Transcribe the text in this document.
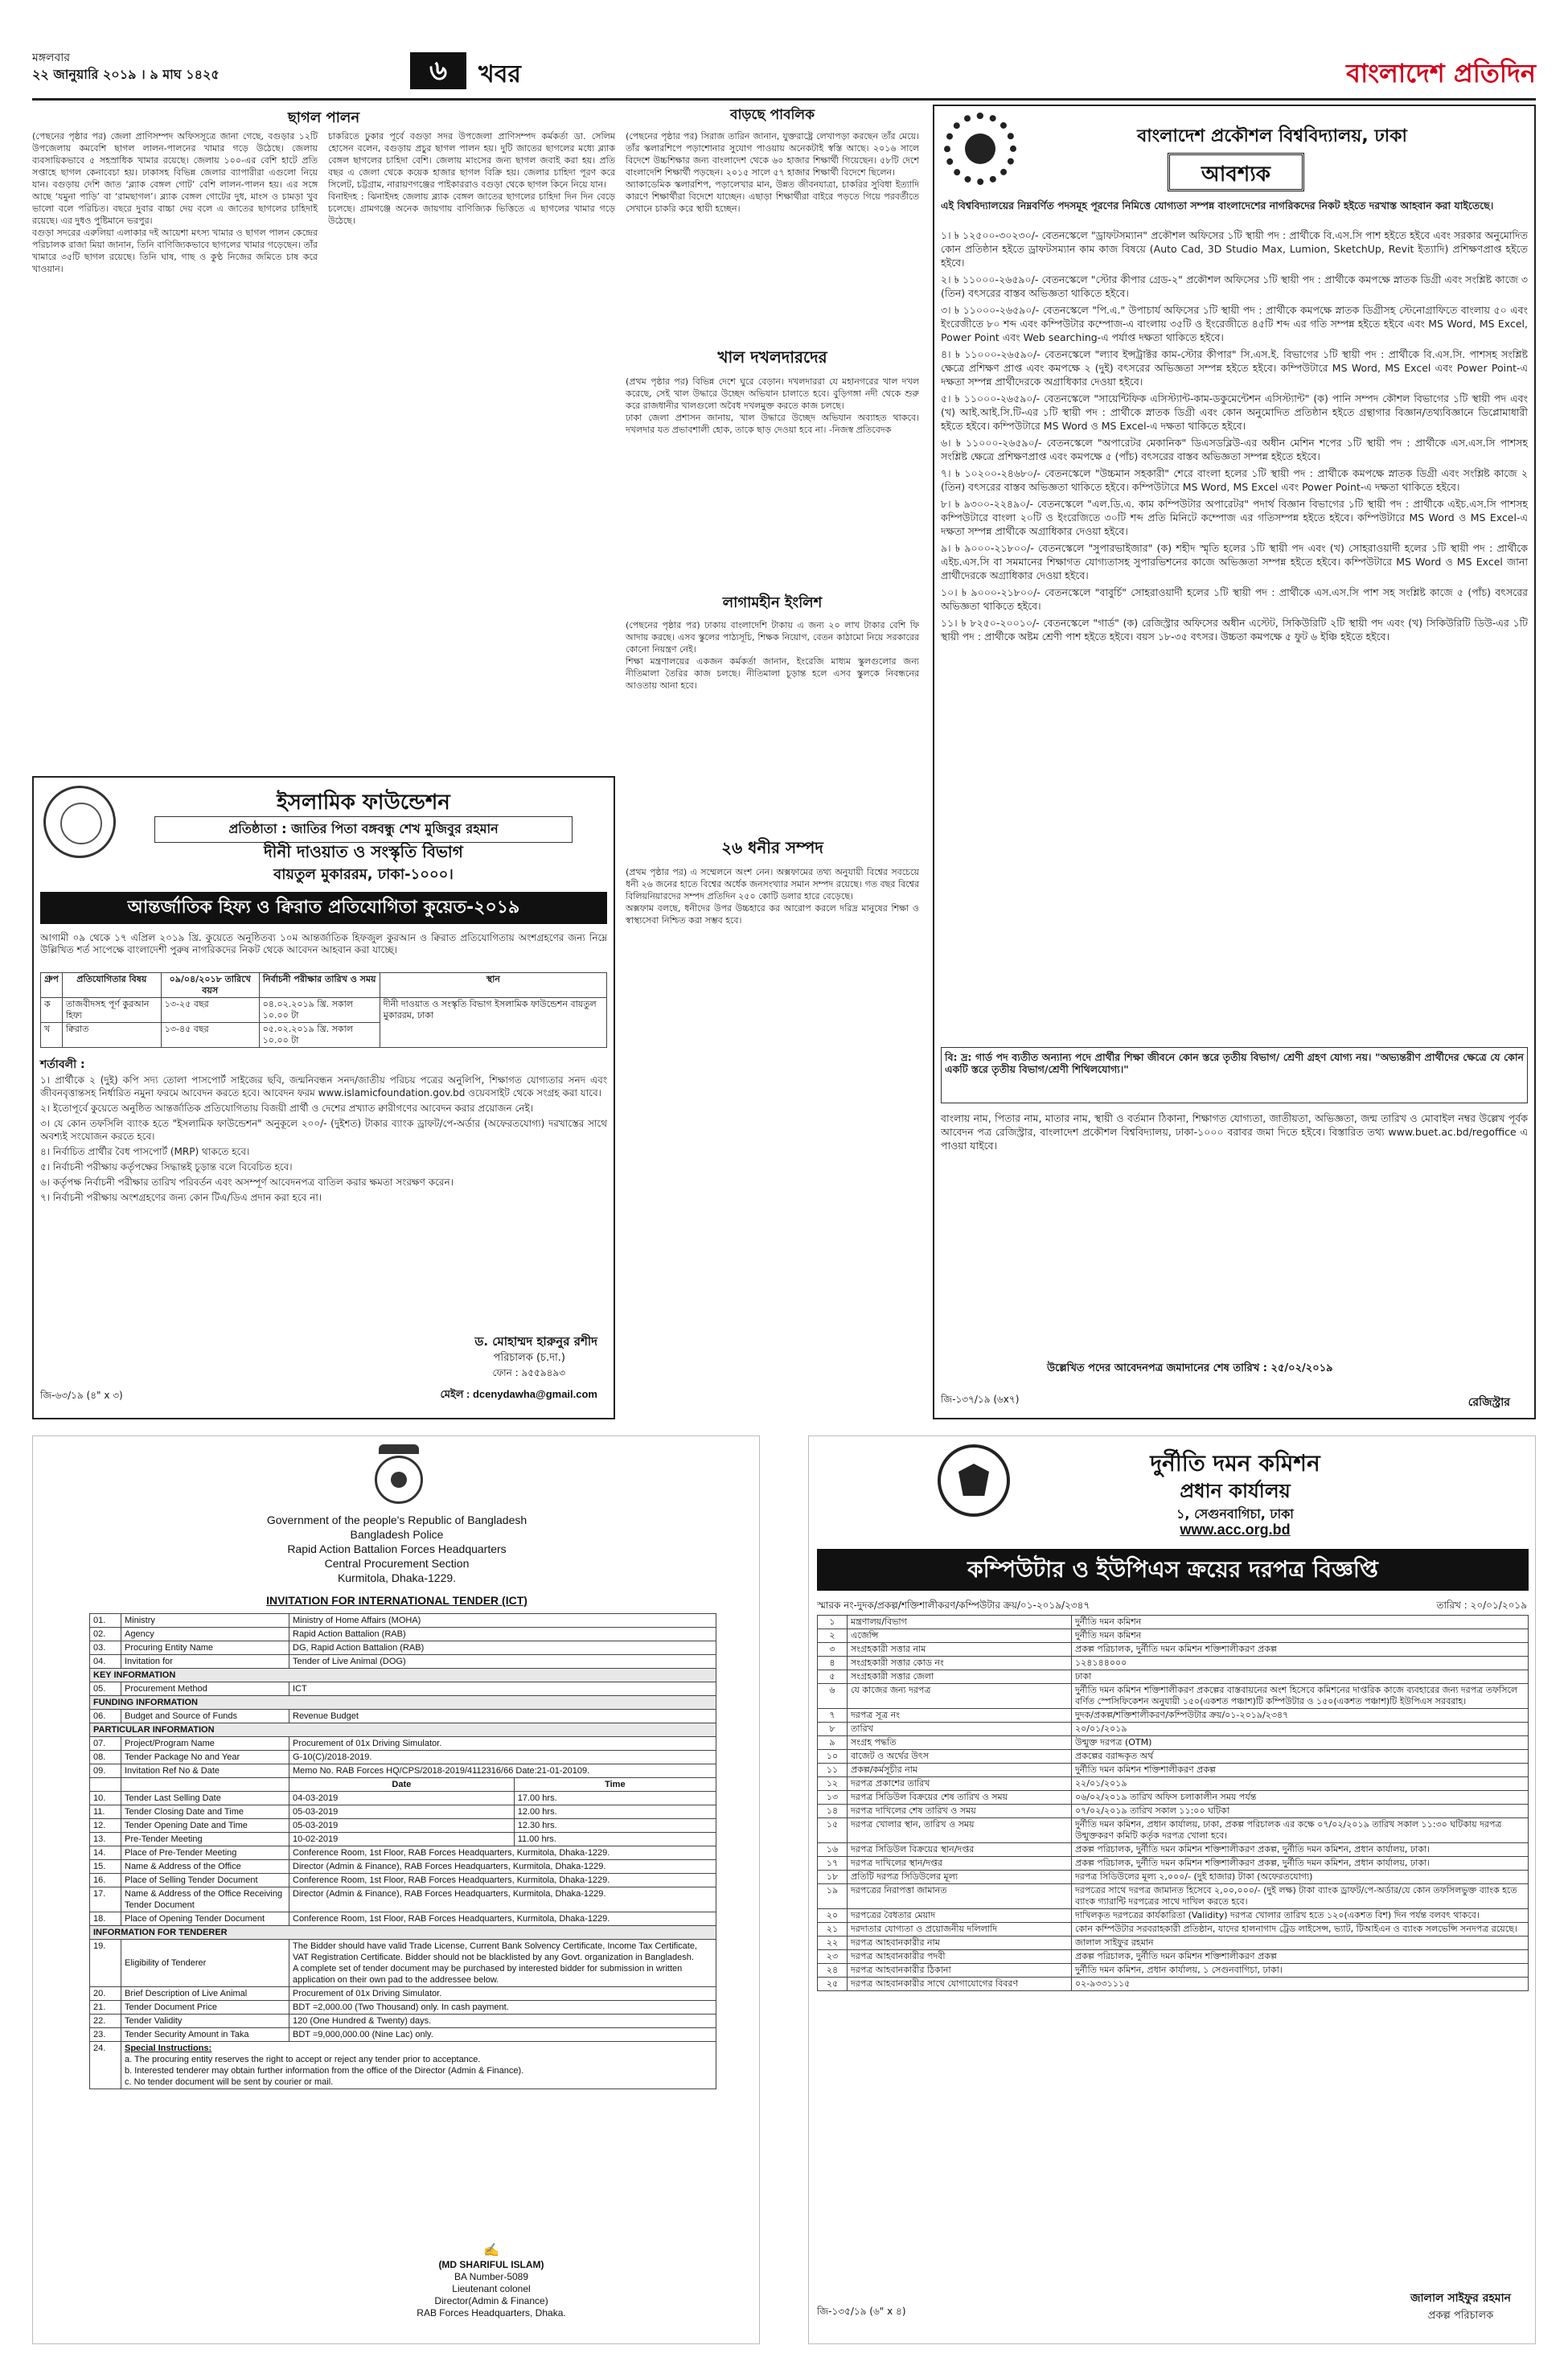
মঙ্গলবার
২২ জানুয়ারি ২০১৯ । ৯ মাঘ ১৪২৫	৬	খবর	বাংলাদেশ প্রতিদিন
ছাগল পালন
(পেছনের পৃষ্ঠার পর) জেলা প্রাণিসম্পদ অফিসসূত্রে জানা গেছে, বগুড়ার ১২টি উপজেলায় কমবেশি ছাগল লালন-পালনের খামার গড়ে উঠেছে। জেলায় ব্যবসায়িকভাবে ৫ সহস্রাধিক খামার রয়েছে। জেলায় ১০০-এর বেশি হাটে প্রতি সপ্তাহে ছাগল কেনাবেচা হয়। ঢাকাসহ বিভিন্ন জেলার ব্যাপারীরা এগুলো নিয়ে যান। বগুড়ায় দেশি জাত ‘ব্ল্যাক বেঙ্গল গোট’ বেশি লালন-পালন হয়। এর সঙ্গে আছে ‘যমুনা পাড়ি’ বা ‘রামছাগল’। ব্ল্যাক বেঙ্গল গোটের দুধ, মাংস ও চামড়া খুব ভালো বলে পরিচিত। বছরে দুবার বাচ্চা দেয় বলে এ জাতের ছাগলের চাহিদাই রয়েছে। এর দুধও পুষ্টিমানে ভরপুর।
বগুড়া সদরের এরুলিয়া এলাকার দই আয়েশা মৎস্য খামার ও ছাগল পালন কেন্দ্রের পরিচালক রাজা মিয়া জানান, তিনি বাণিজ্যিকভাবে ছাগলের খামার গড়েছেন। তাঁর খামারে ৩৫টি ছাগল রয়েছে। তিনি ঘাষ, গাছ ও কুণ্ঠ নিজের জমিতে চাষ করে খাওয়ান।
চাকরিতে ঢুকার পূর্বে বগুড়া সদর উপজেলা প্রাণিসম্পদ কর্মকর্তা ডা. সেলিম হোসেন বলেন, বগুড়ায় প্রচুর ছাগল পালন হয়। দুটি জাতের ছাগলের মধ্যে ব্ল্যাক বেঙ্গল ছাগলের চাহিদা বেশি। জেলায় মাংসের জন্য ছাগল জবাই করা হয়। প্রতি বছর এ জেলা থেকে কয়েক হাজার ছাগল বিক্রি হয়। জেলার চাহিদা পূরণ করে সিলেট, চট্টগ্রাম, নারায়ণগঞ্জের পাইকাররাও বগুড়া থেকে ছাগল কিনে নিয়ে যান।
বিনাইদহ : ঝিনাইদহ জেলায় ব্ল্যাক বেঙ্গল জাতের ছাগলের চাহিদা দিন দিন বেড়ে চলেছে। গ্রামগঞ্জে অনেক জায়গায় বাণিজ্যিক ভিত্তিতে এ ছাগলের খামার গড়ে উঠেছে।
বাড়ছে পাবলিক
(পেছনের পৃষ্ঠার পর) সিরাজ তারিন জানান, যুক্তরাষ্ট্রে লেখাপড়া করছেন তাঁর মেয়ে। তাঁর স্কলারশিপে পড়াশোনার সুযোগ পাওয়ায় অনেকটাই স্বস্তি আছে। ২০১৬ সালে বিদেশে উচ্চশিক্ষার জন্য বাংলাদেশ থেকে ৬০ হাজার শিক্ষার্থী গিয়েছেন। ৫৮টি দেশে বাংলাদেশি শিক্ষার্থী পড়ছেন। ২০১৫ সালে ৫৭ হাজার শিক্ষার্থী বিদেশে ছিলেন।
অ্যাকাডেমিক স্কলারশিপ, পড়ালেখার মান, উন্নত জীবনযাত্রা, চাকরির সুবিধা ইত্যাদি কারণে শিক্ষার্থীরা বিদেশে যাচ্ছেন। এছাড়া শিক্ষার্থীরা বাইরে পড়তে গিয়ে পরবর্তীতে সেখানে চাকরি করে স্থায়ী হচ্ছেন।
খাল দখলদারদের
(প্রথম পৃষ্ঠার পর) বিভিন্ন দেশে ঘুরে বেড়ান। দখলদাররা যে মহানগরের খাল দখল করেছে, সেই খাল উদ্ধারে উচ্ছেদ অভিযান চালাতে হবে। বুড়িগঙ্গা নদী থেকে শুরু করে রাজধানীর খালগুলো অবৈধ দখলমুক্ত করতে কাজ চলছে।
ঢাকা জেলা প্রশাসন জানায়, খাল উদ্ধারে উচ্ছেদ অভিযান অব্যাহত থাকবে। দখলদার যত প্রভাবশালী হোক, তাকে ছাড় দেওয়া হবে না। -নিজস্ব প্রতিবেদক
লাগামহীন ইংলিশ
(পেছনের পৃষ্ঠার পর) ঢাকায় বাংলাদেশি টাকায় এ জন্য ২০ লাখ টাকার বেশি ফি আদায় করছে। এসব স্কুলের পাঠ্যসূচি, শিক্ষক নিয়োগ, বেতন কাঠামো নিয়ে সরকারের কোনো নিয়ন্ত্রণ নেই।
শিক্ষা মন্ত্রণালয়ের একজন কর্মকর্তা জানান, ইংরেজি মাধ্যম স্কুলগুলোর জন্য নীতিমালা তৈরির কাজ চলছে। নীতিমালা চূড়ান্ত হলে এসব স্কুলকে নিবন্ধনের আওতায় আনা হবে।
২৬ ধনীর সম্পদ
(প্রথম পৃষ্ঠার পর) এ সম্মেলনে অংশ নেন। অক্সফামের তথ্য অনুযায়ী বিশ্বের সবচেয়ে ধনী ২৬ জনের হাতে বিশ্বের অর্ধেক জনসংখ্যার সমান সম্পদ রয়েছে। গত বছর বিশ্বের বিলিয়নিয়ারদের সম্পদ প্রতিদিন ২৫০ কোটি ডলার হারে বেড়েছে।
অক্সফাম বলছে, ধনীদের উপর উচ্চহারে কর আরোপ করলে দরিদ্র মানুষের শিক্ষা ও স্বাস্থ্যসেবা নিশ্চিত করা সম্ভব হবে।
ইসলামিক ফাউন্ডেশন
প্রতিষ্ঠাতা : জাতির পিতা বঙ্গবন্ধু শেখ মুজিবুর রহমান
দীনী দাওয়াত ও সংস্কৃতি বিভাগ
বায়তুল মুকাররম, ঢাকা-১০০০।
আন্তর্জাতিক হিফ্য ও ক্বিরাত প্রতিযোগিতা কুয়েত-২০১৯
আগামী ০৯ থেকে ১৭ এপ্রিল ২০১৯ খ্রি. কুয়েতে অনুষ্ঠিতব্য ১০ম আন্তর্জাতিক হিফজুল কুরআন ও ক্বিরাত প্রতিযোগিতায় অংশগ্রহণের জন্য নিম্নে উল্লিখিত শর্ত সাপেক্ষে বাংলাদেশী পুরুষ নাগরিকদের নিকট থেকে আবেদন আহবান করা যাচ্ছে।
গ্রুপ	প্রতিযোগিতার বিষয়	০৯/০৪/২০১৮ তারিখে বয়স	নির্বাচনী পরীক্ষার তারিখ ও সময়	স্থান
ক	তাজবীদসহ পূর্ণ কুরআন হিফ্য	১৩-২৫ বছর	০৪.০২.২০১৯ খ্রি. সকাল ১০.০০ টা	দীনী দাওয়াত ও সংস্কৃতি বিভাগ ইসলামিক ফাউন্ডেশন বায়তুল মুকাররম, ঢাকা
খ	ক্বিরাত	১৩-৪৫ বছর	০৫.০২.২০১৯ খ্রি. সকাল ১০.০০ টা	
শর্তাবলী :
১। প্রার্থীকে ২ (দুই) কপি সদ্য তোলা পাসপোর্ট সাইজের ছবি, জন্মনিবন্ধন সনদ/জাতীয় পরিচয় পত্রের অনুলিপি, শিক্ষাগত যোগ্যতার সনদ এবং জীবনবৃত্তান্তসহ নির্ধারিত নমুনা ফরমে আবেদন করতে হবে। আবেদন ফরম www.islamicfoundation.gov.bd ওয়েবসাইট থেকে সংগ্রহ করা যাবে।
২। ইতোপূর্বে কুয়েতে অনুষ্ঠিত আন্তর্জাতিক প্রতিযোগিতায় বিজয়ী প্রার্থী ও দেশের প্রখ্যাত ক্বারীগণের আবেদন করার প্রয়োজন নেই।
৩। যে কোন তফসিলি ব্যাংক হতে "ইসলামিক ফাউন্ডেশন" অনুকূলে ২০০/- (দুইশত) টাকার ব্যাংক ড্রাফট/পে-অর্ডার (অফেরতযোগ্য) দরখাস্তের সাথে অবশ্যই সংযোজন করতে হবে।
৪। নির্বাচিত প্রার্থীর বৈধ পাসপোর্ট (MRP) থাকতে হবে।
৫। নির্বাচনী পরীক্ষায় কর্তৃপক্ষের সিদ্ধান্তই চূড়ান্ত বলে বিবেচিত হবে।
৬। কর্তৃপক্ষ নির্বাচনী পরীক্ষার তারিখ পরিবর্তন এবং অসম্পূর্ণ আবেদনপত্র বাতিল করার ক্ষমতা সংরক্ষণ করেন।
৭। নির্বাচনী পরীক্ষায় অংশগ্রহণের জন্য কোন টিএ/ডিএ প্রদান করা হবে না।
ড. মোহাম্মদ হারুনুর রশীদ
পরিচালক (চ.দা.)
ফোন : ৯৫৫৯৪৯৩
জি-৬৩/১৯ (৪" x ৩)	মেইল : dceny​dawha@gmail.com
বাংলাদেশ প্রকৌশল বিশ্ববিদ্যালয়, ঢাকা
আবশ্যক
এই বিশ্ববিদ্যালয়ের নিম্নবর্ণিত পদসমূহ পূরণের নিমিত্তে যোগ্যতা সম্পন্ন বাংলাদেশের নাগরিকদের নিকট হইতে দরখাস্ত আহবান করা যাইতেছে।
১। ৳ ১২৫০০-৩০২৩০/- বেতনস্কেলে "ড্রাফটসম্যান" প্রকৌশল অফিসের ১টি স্থায়ী পদ : প্রার্থীকে বি.এস.সি পাশ হইতে হইবে এবং সরকার অনুমোদিত কোন প্রতিষ্ঠান হইতে ড্রাফটসম্যান কাম কাজ বিষয়ে (Auto Cad, 3D Studio Max, Lumion, SketchUp, Revit ইত্যাদি) প্রশিক্ষণপ্রাপ্ত হইতে হইবে।
২। ৳ ১১০০০-২৬৫৯০/- বেতনস্কেলে "স্টোর কীপার গ্রেড-২" প্রকৌশল অফিসের ১টি স্থায়ী পদ : প্রার্থীকে কমপক্ষে স্নাতক ডিগ্রী এবং সংশ্লিষ্ট কাজে ৩ (তিন) বৎসরের বাস্তব অভিজ্ঞতা থাকিতে হইবে।
৩। ৳ ১১০০০-২৬৫৯০/- বেতনস্কেলে "পি.এ." উপাচার্য অফিসের ১টি স্থায়ী পদ : প্রার্থীকে কমপক্ষে স্নাতক ডিগ্রীসহ স্টেনোগ্রাফিতে বাংলায় ৫০ এবং ইংরেজীতে ৮০ শব্দ এবং কম্পিউটার কম্পোজ-এ বাংলায় ৩৫টি ও ইংরেজীতে ৪৫টি শব্দ এর গতি সম্পন্ন হইতে হইবে এবং MS Word, MS Excel, Power Point এবং Web searching-এ পর্যাপ্ত দক্ষতা থাকিতে হইবে।
৪। ৳ ১১০০০-২৬৫৯০/- বেতনস্কেলে "ল্যাব ইন্সট্রাক্টর কাম-স্টোর কীপার" সি.এস.ই. বিভাগের ১টি স্থায়ী পদ : প্রার্থীকে বি.এস.সি. পাশসহ সংশ্লিষ্ট ক্ষেত্রে প্রশিক্ষণ প্রাপ্ত এবং কমপক্ষে ২ (দুই) বৎসরের অভিজ্ঞতা সম্পন্ন হইতে হইবে। কম্পিউটারে MS Word, MS Excel এবং Power Point-এ দক্ষতা সম্পন্ন প্রার্থীদেরকে অগ্রাধিকার দেওয়া হইবে।
৫। ৳ ১১০০০-২৬৫৯০/- বেতনস্কেলে "সায়েন্টিফিক এসিস্ট্যান্ট-কাম-ডকুমেন্টেশন এসিস্ট্যান্ট" (ক) পানি সম্পদ কৌশল বিভাগের ১টি স্থায়ী পদ এবং (খ) আই.আই.সি.টি-এর ১টি স্থায়ী পদ : প্রার্থীকে স্নাতক ডিগ্রী এবং কোন অনুমোদিত প্রতিষ্ঠান হইতে গ্রন্থাগার বিজ্ঞান/তথ্যবিজ্ঞানে ডিপ্লোমাধারী হইতে হইবে। কম্পিউটারে MS Word ও MS Excel-এ দক্ষতা থাকিতে হইবে।
৬। ৳ ১১০০০-২৬৫৯০/- বেতনস্কেলে "অপারেটর মেকানিক" ডিএসডব্লিউ-এর অধীন মেশিন শপের ১টি স্থায়ী পদ : প্রার্থীকে এস.এস.সি পাশসহ সংশ্লিষ্ট ক্ষেত্রে প্রশিক্ষণপ্রাপ্ত এবং কমপক্ষে ৫ (পাঁচ) বৎসরের বাস্তব অভিজ্ঞতা সম্পন্ন হইতে হইবে।
৭। ৳ ১০২০০-২৪৬৮০/- বেতনস্কেলে "উচ্চমান সহকারী" শেরে বাংলা হলের ১টি স্থায়ী পদ : প্রার্থীকে কমপক্ষে স্নাতক ডিগ্রী এবং সংশ্লিষ্ট কাজে ২ (তিন) বৎসরের বাস্তব অভিজ্ঞতা থাকিতে হইবে। কম্পিউটারে MS Word, MS Excel এবং Power Point-এ দক্ষতা থাকিতে হইবে।
৮। ৳ ৯৩০০-২২৪৯০/- বেতনস্কেলে "এল.ডি.এ. কাম কম্পিউটার অপারেটর" পদার্থ বিজ্ঞান বিভাগের ১টি স্থায়ী পদ : প্রার্থীকে এইচ.এস.সি পাশসহ কম্পিউটারে বাংলা ২০টি ও ইংরেজিতে ৩০টি শব্দ প্রতি মিনিটে কম্পোজ এর গতিসম্পন্ন হইতে হইবে। কম্পিউটারে MS Word ও MS Excel-এ দক্ষতা সম্পন্ন প্রার্থীকে অগ্রাধিকার দেওয়া হইবে।
৯। ৳ ৯০০০-২১৮০০/- বেতনস্কেলে "সুপারভাইজার" (ক) শহীদ স্মৃতি হলের ১টি স্থায়ী পদ এবং (খ) সোহরাওয়ার্দী হলের ১টি স্থায়ী পদ : প্রার্থীকে এইচ.এস.সি বা সমমানের শিক্ষাগত যোগ্যতাসহ সুপারভিশনের কাজে অভিজ্ঞতা সম্পন্ন হইতে হইবে। কম্পিউটারে MS Word ও MS Excel জানা প্রার্থীদেরকে অগ্রাধিকার দেওয়া হইবে।
১০। ৳ ৯০০০-২১৮০০/- বেতনস্কেলে "বাবুর্চি" সোহরাওয়ার্দী হলের ১টি স্থায়ী পদ : প্রার্থীকে এস.এস.সি পাশ সহ সংশ্লিষ্ট কাজে ৫ (পাঁচ) বৎসরের অভিজ্ঞতা থাকিতে হইবে।
১১। ৳ ৮২৫০-২০০১০/- বেতনস্কেলে "গার্ড" (ক) রেজিস্ট্রার অফিসের অধীন এস্টেট, সিকিউরিটি ২টি স্থায়ী পদ এবং (খ) সিকিউরিটি ডিউ-এর ১টি স্থায়ী পদ : প্রার্থীকে অষ্টম শ্রেণী পাশ হইতে হইবে। বয়স ১৮-৩৫ বৎসর। উচ্চতা কমপক্ষে ৫ ফুট ৬ ইঞ্চি হইতে হইবে।
বি: দ্র: গার্ড পদ ব্যতীত অন্যান্য পদে প্রার্থীর শিক্ষা জীবনে কোন স্তরে তৃতীয় বিভাগ/ শ্রেণী গ্রহণ যোগ্য নয়। "অভ্যন্তরীণ প্রার্থীদের ক্ষেত্রে যে কোন একটি স্তরে তৃতীয় বিভাগ/শ্রেণী শিথিলযোগ্য।"
বাংলায় নাম, পিতার নাম, মাতার নাম, স্থায়ী ও বর্তমান ঠিকানা, শিক্ষাগত যোগ্যতা, জাতীয়তা, অভিজ্ঞতা, জন্ম তারিখ ও মোবাইল নম্বর উল্লেখ পূর্বক আবেদন পত্র রেজিস্ট্রার, বাংলাদেশ প্রকৌশল বিশ্ববিদ্যালয়, ঢাকা-১০০০ বরাবর জমা দিতে হইবে। বিস্তারিত তথ্য www.buet.ac.bd/regoffice এ পাওয়া যাইবে।
উল্লেখিত পদের আবেদনপত্র জমাদানের শেষ তারিখ : ২৫/০২/২০১৯
জি-১৩৭/১৯ (৬x৭)	রেজিস্ট্রার
Government of the people's Republic of Bangladesh
Bangladesh Police
Rapid Action Battalion Forces Headquarters
Central Procurement Section
Kurmitola, Dhaka-1229.
INVITATION FOR INTERNATIONAL TENDER (ICT)
01.	Ministry	Ministry of Home Affairs (MOHA)	
02.	Agency	Rapid Action Battalion (RAB)	
03.	Procuring Entity Name	DG, Rapid Action Battalion (RAB)	
04.	Invitation for	Tender of Live Animal (DOG)	
KEY INFORMATION			
05.	Procurement Method	ICT	
FUNDING INFORMATION			
06.	Budget and Source of Funds	Revenue Budget	
PARTICULAR INFORMATION			
07.	Project/Program Name	Procurement of 01x Driving Simulator.	
08.	Tender Package No and Year	G-10(C)/2018-2019.	
09.	Invitation Ref No & Date	Memo No. RAB Forces HQ/CPS/2018-2019/4112316/66 Date:21-01-20109.	
		Date	Time
10.	Tender Last Selling Date	04-03-2019	17.00 hrs.
11.	Tender Closing Date and Time	05-03-2019	12.00 hrs.
12.	Tender Opening Date and Time	05-03-2019	12.30 hrs.
13.	Pre-Tender Meeting	10-02-2019	11.00 hrs.
14.	Place of Pre-Tender Meeting	Conference Room, 1st Floor, RAB Forces Headquarters, Kurmitola, Dhaka-1229.	
15.	Name & Address of the Office	Director (Admin & Finance), RAB Forces Headquarters, Kurmitola, Dhaka-1229.	
16.	Place of Selling Tender Document	Conference Room, 1st Floor, RAB Forces Headquarters, Kurmitola, Dhaka-1229.	
17.	Name & Address of the Office Receiving Tender Document	Director (Admin & Finance), RAB Forces Headquarters, Kurmitola, Dhaka-1229.	
18.	Place of Opening Tender Document	Conference Room, 1st Floor, RAB Forces Headquarters, Kurmitola, Dhaka-1229.	
INFORMATION FOR TENDERER			
19.	Eligibility of Tenderer	The Bidder should have valid Trade License, Current Bank Solvency Certificate, Income Tax Certificate, VAT Registration Certificate. Bidder should not be blacklisted by any Govt. organization in Bangladesh.
A complete set of tender document may be purchased by interested bidder for submission in written application on their own pad to the addressee below.	
20.	Brief Description of Live Animal	Procurement of 01x Driving Simulator.	
21.	Tender Document Price	BDT =2,000.00 (Two Thousand) only. In cash payment.	
22.	Tender Validity	120 (One Hundred & Twenty) days.	
23.	Tender Security Amount in Taka	BDT =9,000,000.00 (Nine Lac) only.	
24.	Special Instructions:
a. The procuring entity reserves the right to accept or reject any tender prior to acceptance.
b. Interested tenderer may obtain further information from the office of the Director (Admin & Finance).
c. No tender document will be sent by courier or mail.		
✍
(MD SHARIFUL ISLAM)
BA Number-5089
Lieutenant colonel
Director(Admin & Finance)
RAB Forces Headquarters, Dhaka.
দুর্নীতি দমন কমিশন
প্রধান কার্যালয়
১, সেগুনবাগিচা, ঢাকা
www.acc.org.bd
কম্পিউটার ও ইউপিএস ক্রয়ের দরপত্র বিজ্ঞপ্তি
স্মারক নং-দুদক/প্রকল্প/শক্তিশালীকরণ/কম্পিউটার ক্রয়/০১-২০১৯/২৩৪৭	তারিখ : ২০/০১/২০১৯
১	মন্ত্রণালয়/বিভাগ	দুর্নীতি দমন কমিশন
২	এজেন্সি	দুর্নীতি দমন কমিশন
৩	সংগ্রহকারী সত্তার নাম	প্রকল্প পরিচালক, দুর্নীতি দমন কমিশন শক্তিশালীকরণ প্রকল্প
৪	সংগ্রহকারী সত্তার কোড নং	১২৪১৪৪০০০
৫	সংগ্রহকারী সত্তার জেলা	ঢাকা
৬	যে কাজের জন্য দরপত্র	দুর্নীতি দমন কমিশন শক্তিশালীকরণ প্রকল্পের বাস্তবায়নের অংশ হিসেবে কমিশনের দাপ্তরিক কাজে ব্যবহারের জন্য দরপত্র তফসিলে বর্ণিত স্পেসিফিকেশন অনুযায়ী ১৫০(একশত পঞ্চাশ)টি কম্পিউটার ও ১৫০(একশত পঞ্চাশ)টি ইউপিএস সরবরাহ।
৭	দরপত্র সূত্র নং	দুদক/প্রকল্প/শক্তিশালীকরণ/কম্পিউটার ক্রয়/০১-২০১৯/২৩৪৭
৮	তারিখ	২০/০১/২০১৯
৯	সংগ্রহ পদ্ধতি	উন্মুক্ত দরপত্র (OTM)
১০	বাজেট ও অর্থের উৎস	প্রকল্পের বরাদ্দকৃত অর্থ
১১	প্রকল্প/কর্মসূচীর নাম	দুর্নীতি দমন কমিশন শক্তিশালীকরণ প্রকল্প
১২	দরপত্র প্রকাশের তারিখ	২২/০১/২০১৯
১৩	দরপত্র সিডিউল বিক্রয়ের শেষ তারিখ ও সময়	০৬/০২/২০১৯ তারিখ অফিস চলাকালীন সময় পর্যন্ত
১৪	দরপত্র দাখিলের শেষ তারিখ ও সময়	০৭/০২/২০১৯ তারিখ সকাল ১১:০০ ঘটিকা
১৫	দরপত্র খোলার স্থান, তারিখ ও সময়	দুর্নীতি দমন কমিশন, প্রধান কার্যালয়, ঢাকা, প্রকল্প পরিচালক এর কক্ষে ০৭/০২/২০১৯ তারিখ সকাল ১১:৩০ ঘটিকায় দরপত্র উন্মুক্তকরণ কমিটি কর্তৃক দরপত্র খোলা হবে।
১৬	দরপত্র সিডিউল বিক্রয়ের স্থান/দপ্তর	প্রকল্প পরিচালক, দুর্নীতি দমন কমিশন শক্তিশালীকরণ প্রকল্প, দুর্নীতি দমন কমিশন, প্রধান কার্যালয়, ঢাকা।
১৭	দরপত্র দাখিলের স্থান/দপ্তর	প্রকল্প পরিচালক, দুর্নীতি দমন কমিশন শক্তিশালীকরণ প্রকল্প, দুর্নীতি দমন কমিশন, প্রধান কার্যালয়, ঢাকা।
১৮	প্রতিটি দরপত্র সিডিউলের মূল্য	দরপত্র সিডিউলের মূল্য ২,০০০/- (দুই হাজার) টাকা (অফেরতযোগ্য)
১৯	দরপত্রের নিরাপত্তা জামানত	দরপত্রের সাথে দরপত্র জামানত হিসেবে ২,০০,০০০/- (দুই লক্ষ) টাকা ব্যাংক ড্রাফট/পে-অর্ডার/যে কোন তফসিলভুক্ত ব্যাংক হতে ব্যাংক গ্যারান্টি দরপত্রের সাথে দাখিল করতে হবে।
২০	দরপত্রের বৈধতার মেয়াদ	দাখিলকৃত দরপত্রের কার্যকারিতা (Validity) দরপত্র খোলার তারিখ হতে ১২০(একশত বিশ) দিন পর্যন্ত বলবৎ থাকবে।
২১	দরদাতার যোগ্যতা ও প্রয়োজনীয় দলিলাদি	কোন কম্পিউটার সরবরাহকারী প্রতিষ্ঠান, যাদের হালনাগাদ ট্রেড লাইসেন্স, ভ্যাট, টিআইএন ও ব্যাংক সলভেন্সি সনদপত্র রয়েছে।
২২	দরপত্র আহবানকারীর নাম	জালাল সাইফুর রহমান
২৩	দরপত্র আহবানকারীর পদবী	প্রকল্প পরিচালক, দুর্নীতি দমন কমিশন শক্তিশালীকরণ প্রকল্প
২৪	দরপত্র আহবানকারীর ঠিকানা	দুর্নীতি দমন কমিশন, প্রধান কার্যালয়, ১ সেগুনবাগিচা, ঢাকা।
২৫	দরপত্র আহবানকারীর সাথে যোগাযোগের বিবরণ	০২-৯৩৩১১১৫
জি-১৩৫/১৯ (৬" x ৪)
জালাল সাইফুর রহমান
প্রকল্প পরিচালক
